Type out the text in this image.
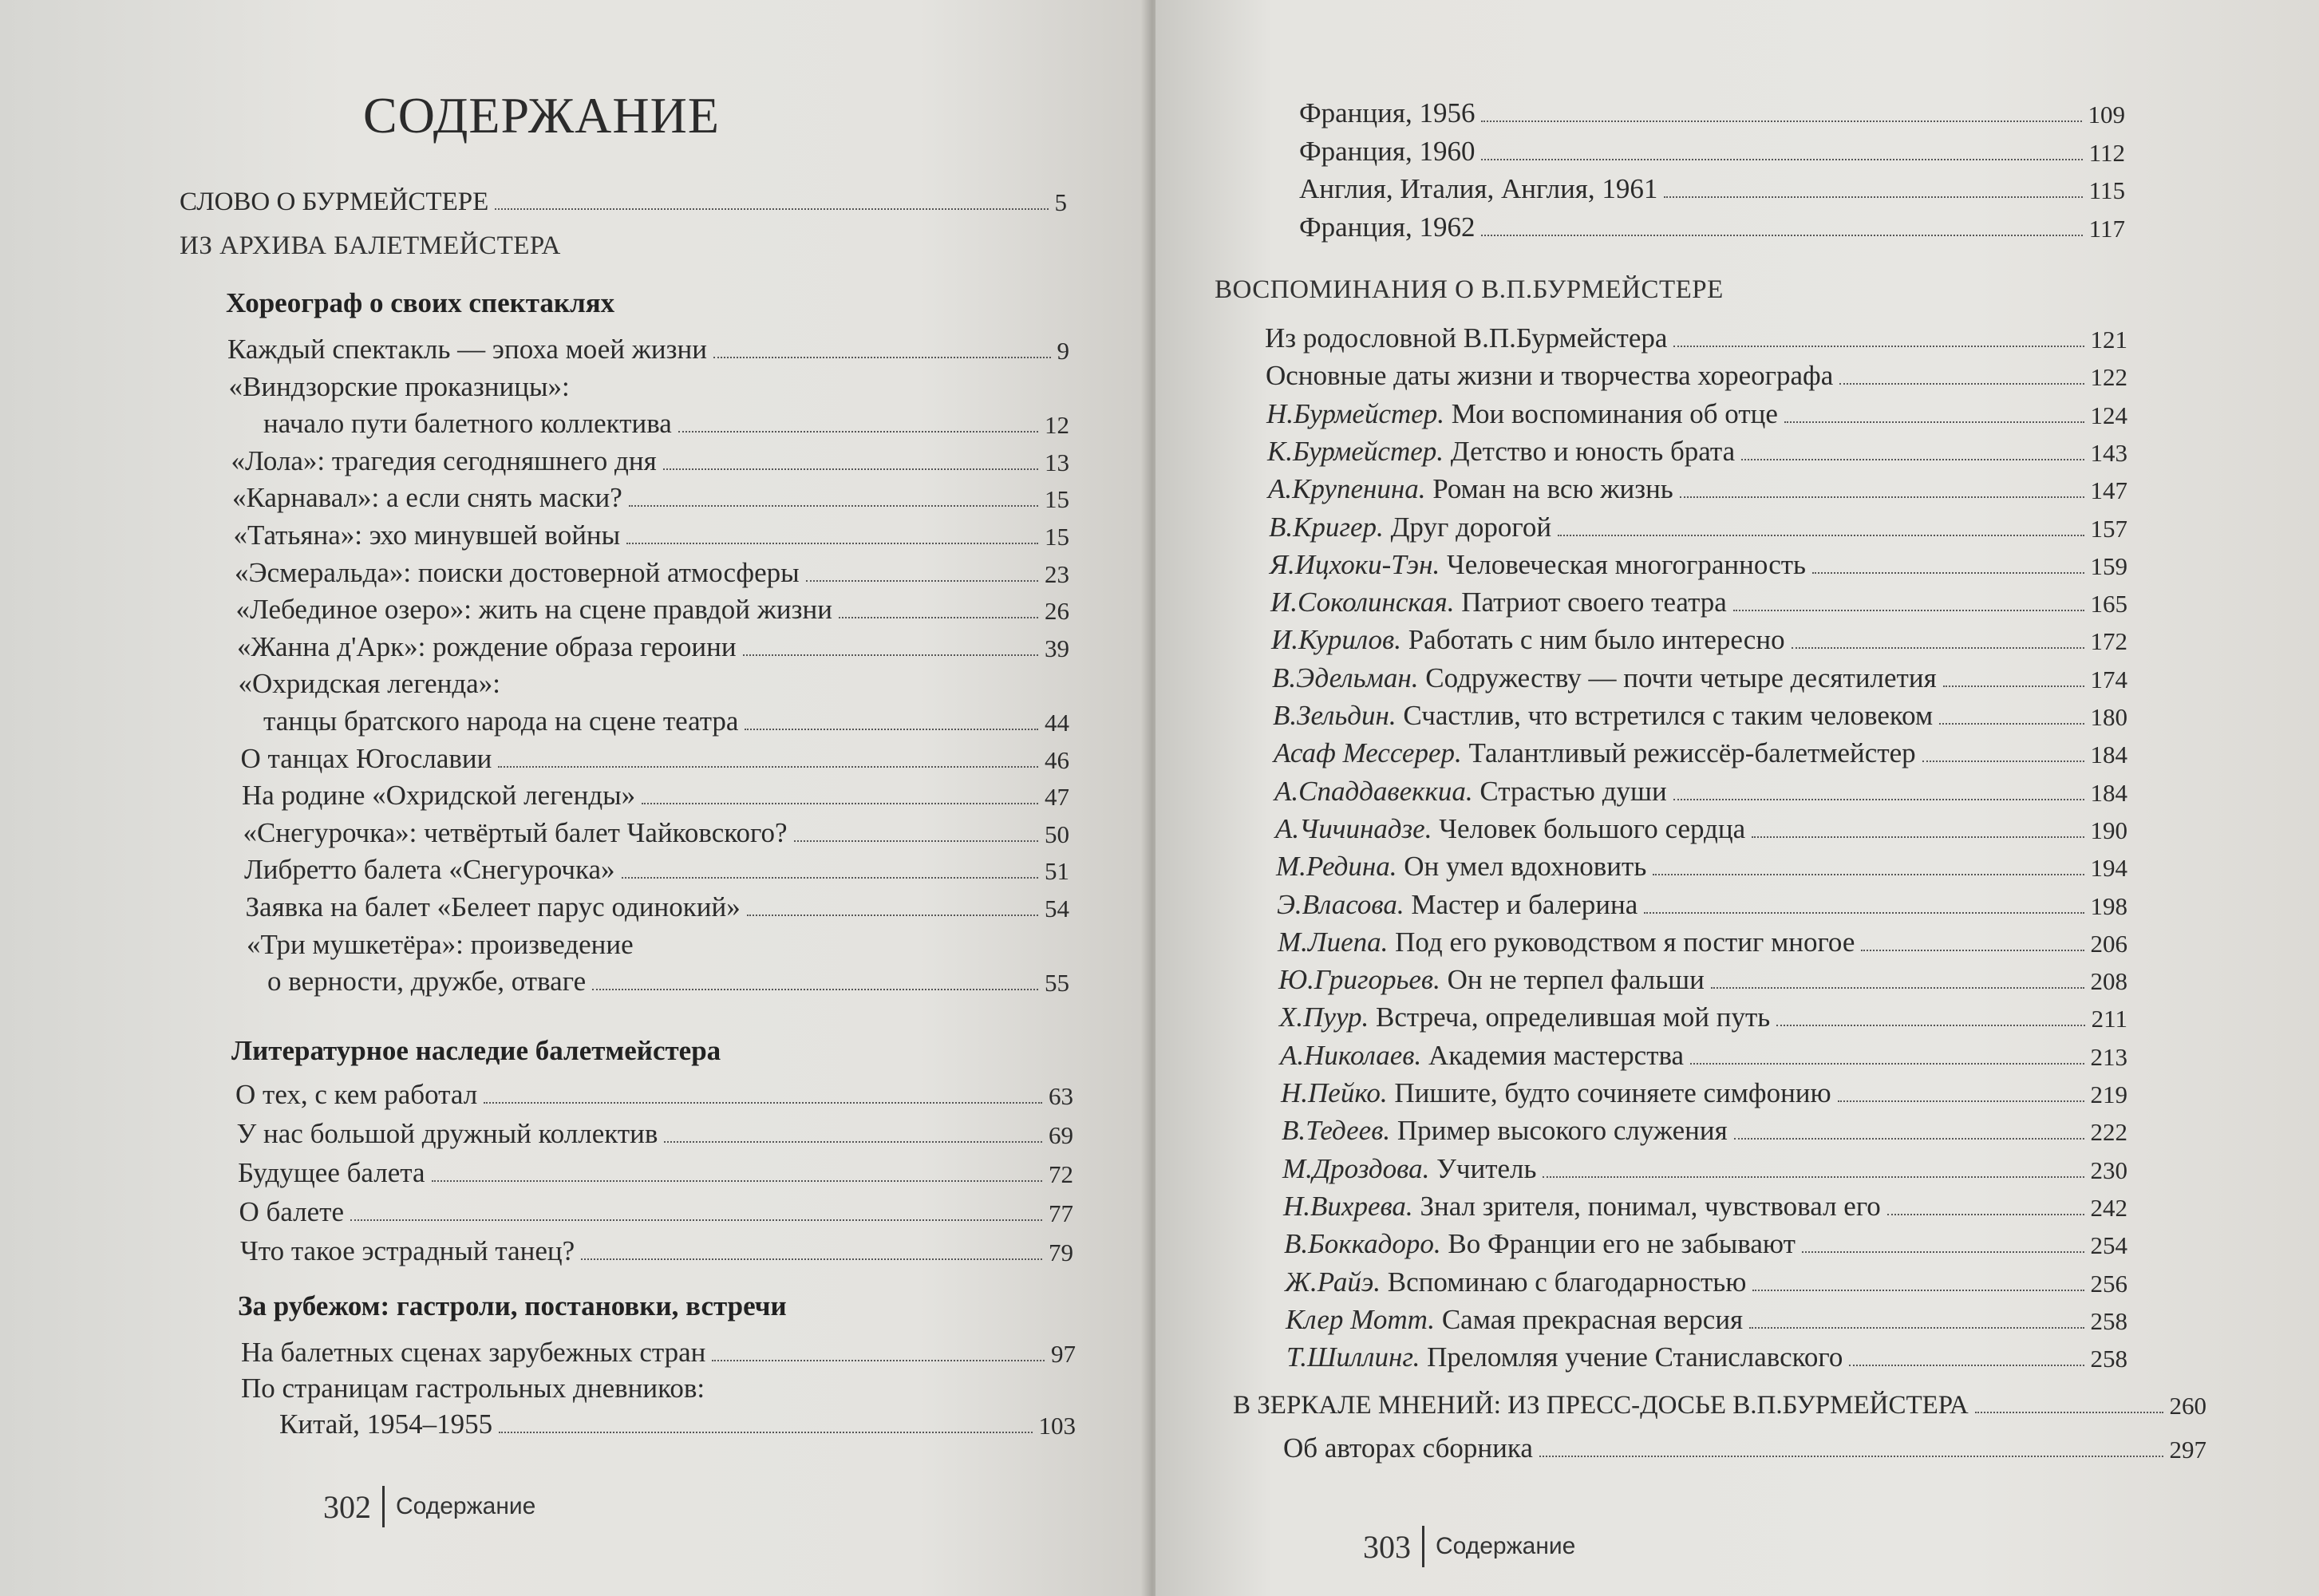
СОДЕРЖАНИЕ
СЛОВО О БУРМЕЙСТЕРЕ	5
ИЗ АРХИВА БАЛЕТМЕЙСТЕРА
Хореограф о своих спектаклях
Каждый спектакль — эпоха моей жизни	9
«Виндзорские проказницы»:
начало пути балетного коллектива	12
«Лола»: трагедия сегодняшнего дня	13
«Карнавал»: а если снять маски?	15
«Татьяна»: эхо минувшей войны	15
«Эсмеральда»: поиски достоверной атмосферы	23
«Лебединое озеро»: жить на сцене правдой жизни	26
«Жанна д'Арк»: рождение образа героини	39
«Охридская легенда»:
танцы братского народа на сцене театра	44
О танцах Югославии	46
На родине «Охридской легенды»	47
«Снегурочка»: четвёртый балет Чайковского?	50
Либретто балета «Снегурочка»	51
Заявка на балет «Белеет парус одинокий»	54
«Три мушкетёра»: произведение
о верности, дружбе, отваге	55
Литературное наследие балетмейстера
О тех, с кем работал	63
У нас большой дружный коллектив	69
Будущее балета	72
О балете	77
Что такое эстрадный танец?	79
За рубежом: гастроли, постановки, встречи
На балетных сценах зарубежных стран	97
По страницам гастрольных дневников:
Китай, 1954–1955	103
302 Содержание
Франция, 1956	109
Франция, 1960	112
Англия, Италия, Англия, 1961	115
Франция, 1962	117
ВОСПОМИНАНИЯ О В.П.БУРМЕЙСТЕРЕ
Из родословной В.П.Бурмейстера	121
Основные даты жизни и творчества хореографа	122
Н.Бурмейстер. Мои воспоминания об отце	124
К.Бурмейстер. Детство и юность брата	143
А.Крупенина. Роман на всю жизнь	147
В.Кригер. Друг дорогой	157
Я.Ицхоки-Тэн. Человеческая многогранность	159
И.Соколинская. Патриот своего театра	165
И.Курилов. Работать с ним было интересно	172
В.Эдельман. Содружеству — почти четыре десятилетия	174
В.Зельдин. Счастлив, что встретился с таким человеком	180
Асаф Мессерер. Талантливый режиссёр-балетмейстер	184
А.Спаддавеккиа. Страстью души	184
А.Чичинадзе. Человек большого сердца	190
М.Редина. Он умел вдохновить	194
Э.Власова. Мастер и балерина	198
М.Лиепа. Под его руководством я постиг многое	206
Ю.Григорьев. Он не терпел фальши	208
Х.Пуур. Встреча, определившая мой путь	211
А.Николаев. Академия мастерства	213
Н.Пейко. Пишите, будто сочиняете симфонию	219
В.Тедеев. Пример высокого служения	222
М.Дроздова. Учитель	230
Н.Вихрева. Знал зрителя, понимал, чувствовал его	242
В.Боккадоро. Во Франции его не забывают	254
Ж.Райэ. Вспоминаю с благодарностью	256
Клер Мотт. Самая прекрасная версия	258
Т.Шиллинг. Преломляя учение Станиславского	258
В ЗЕРКАЛЕ МНЕНИЙ: ИЗ ПРЕСС-ДОСЬЕ В.П.БУРМЕЙСТЕРА	260
Об авторах сборника	297
303 Содержание
